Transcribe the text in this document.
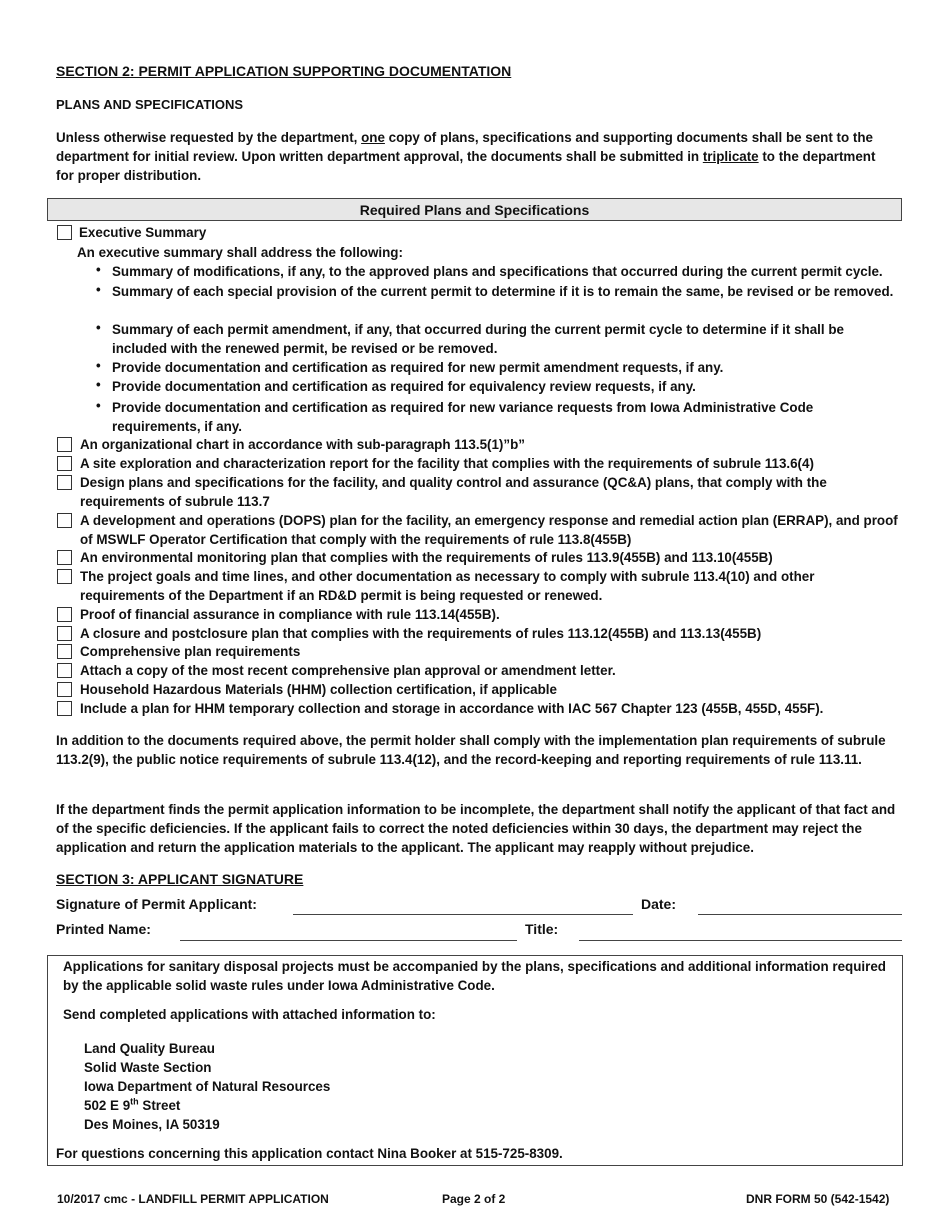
SECTION 2: PERMIT APPLICATION SUPPORTING DOCUMENTATION
PLANS AND SPECIFICATIONS
Unless otherwise requested by the department, one copy of plans, specifications and supporting documents shall be sent to the department for initial review. Upon written department approval, the documents shall be submitted in triplicate to the department for proper distribution.
Required Plans and Specifications
Executive Summary
An executive summary shall address the following:
• Summary of modifications, if any, to the approved plans and specifications that occurred during the current permit cycle.
• Summary of each special provision of the current permit to determine if it is to remain the same, be revised or be removed.
• Summary of each permit amendment, if any, that occurred during the current permit cycle to determine if it shall be included with the renewed permit, be revised or be removed.
• Provide documentation and certification as required for new permit amendment requests, if any.
• Provide documentation and certification as required for equivalency review requests, if any.
• Provide documentation and certification as required for new variance requests from Iowa Administrative Code requirements, if any.
An organizational chart in accordance with sub-paragraph 113.5(1)”b”
A site exploration and characterization report for the facility that complies with the requirements of subrule 113.6(4)
Design plans and specifications for the facility, and quality control and assurance (QC&A) plans, that comply with the requirements of subrule 113.7
A development and operations (DOPS) plan for the facility, an emergency response and remedial action plan (ERRAP), and proof of MSWLF Operator Certification that comply with the requirements of rule 113.8(455B)
An environmental monitoring plan that complies with the requirements of rules 113.9(455B) and 113.10(455B)
The project goals and time lines, and other documentation as necessary to comply with subrule 113.4(10) and other requirements of the Department if an RD&D permit is being requested or renewed.
Proof of financial assurance in compliance with rule 113.14(455B).
A closure and postclosure plan that complies with the requirements of rules 113.12(455B) and 113.13(455B)
Comprehensive plan requirements
Attach a copy of the most recent comprehensive plan approval or amendment letter.
Household Hazardous Materials (HHM) collection certification, if applicable
Include a plan for HHM temporary collection and storage in accordance with IAC 567 Chapter 123 (455B, 455D, 455F).
In addition to the documents required above, the permit holder shall comply with the implementation plan requirements of subrule 113.2(9), the public notice requirements of subrule 113.4(12), and the record-keeping and reporting requirements of rule 113.11.
If the department finds the permit application information to be incomplete, the department shall notify the applicant of that fact and of the specific deficiencies. If the applicant fails to correct the noted deficiencies within 30 days, the department may reject the application and return the application materials to the applicant. The applicant may reapply without prejudice.
SECTION 3: APPLICANT SIGNATURE
Signature of Permit Applicant:	Date:
Printed Name:	Title:
Applications for sanitary disposal projects must be accompanied by the plans, specifications and additional information required by the applicable solid waste rules under Iowa Administrative Code.
Send completed applications with attached information to:
Land Quality Bureau
Solid Waste Section
Iowa Department of Natural Resources
502 E 9th Street
Des Moines, IA 50319
For questions concerning this application contact Nina Booker at 515-725-8309.
10/2017 cmc - LANDFILL PERMIT APPLICATION	Page 2 of 2	DNR FORM 50 (542-1542)
